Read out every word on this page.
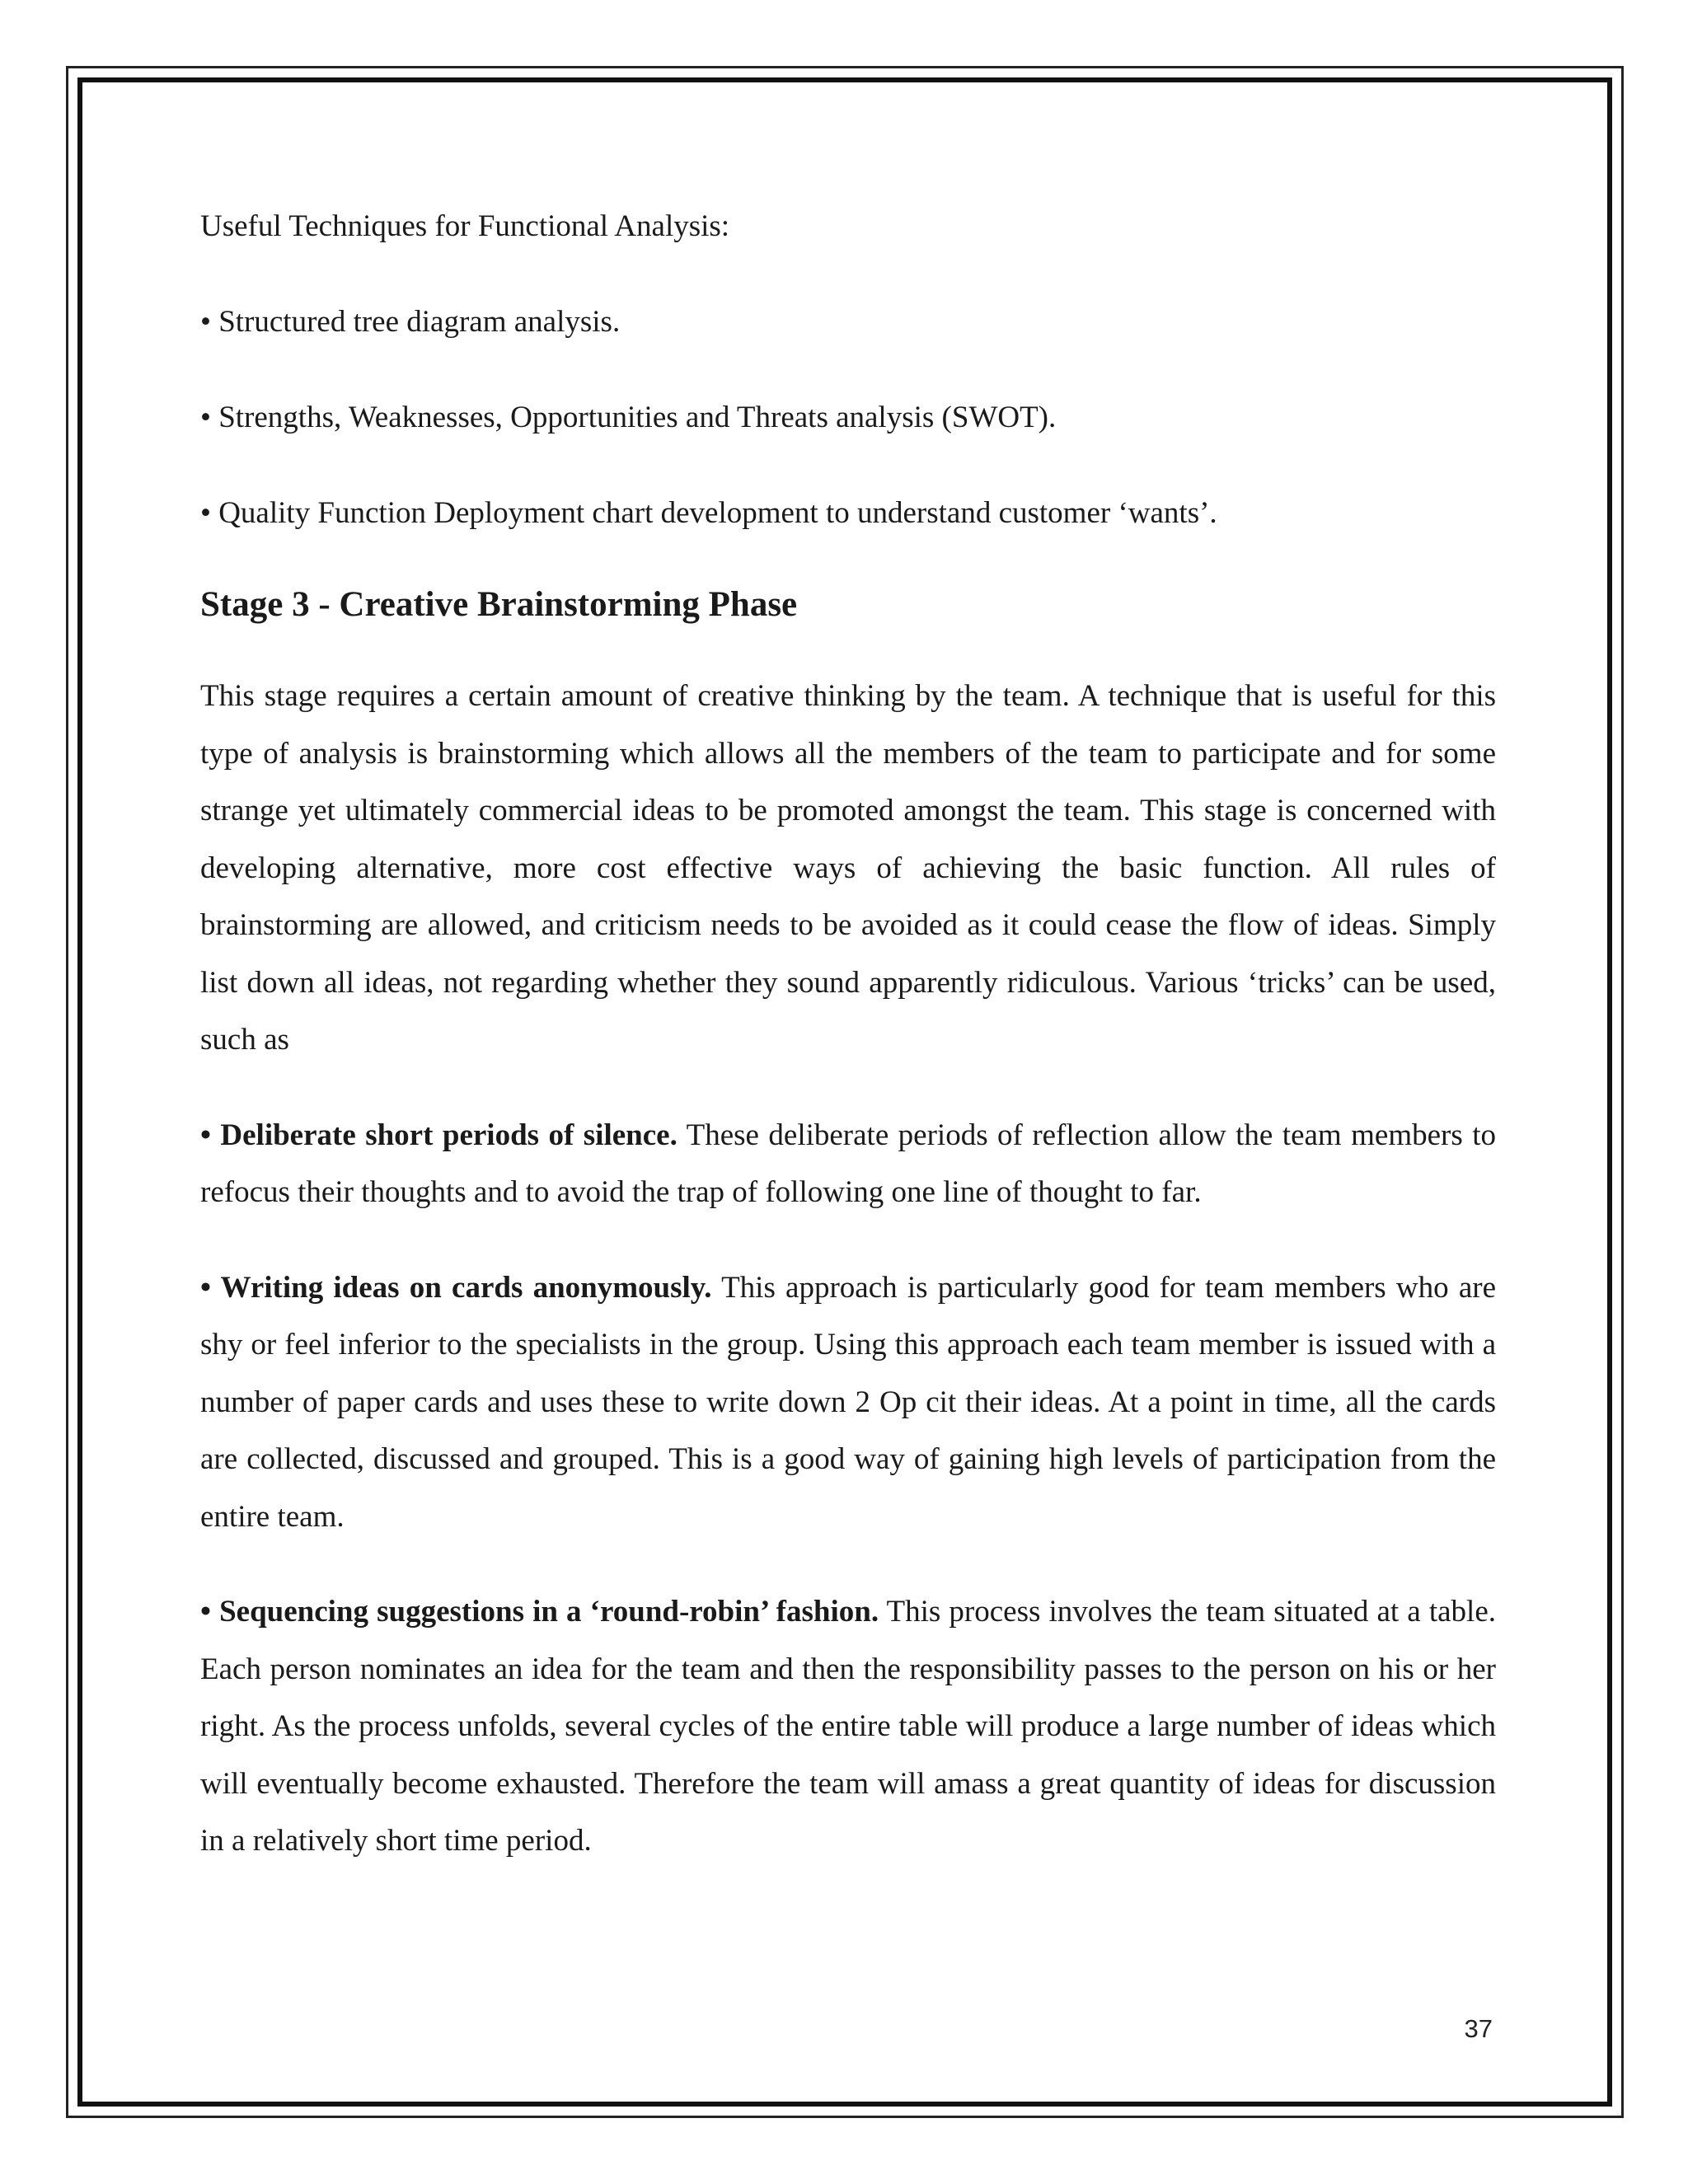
Useful Techniques for Functional Analysis:

• Structured tree diagram analysis.

• Strengths, Weaknesses, Opportunities and Threats analysis (SWOT).

• Quality Function Deployment chart development to understand customer ‘wants’.

Stage 3 - Creative Brainstorming Phase

This stage requires a certain amount of creative thinking by the team. A technique that is useful for this type of analysis is brainstorming which allows all the members of the team to participate and for some strange yet ultimately commercial ideas to be promoted amongst the team. This stage is concerned with developing alternative, more cost effective ways of achieving the basic function. All rules of brainstorming are allowed, and criticism needs to be avoided as it could cease the flow of ideas. Simply list down all ideas, not regarding whether they sound apparently ridiculous. Various ‘tricks’ can be used, such as

• Deliberate short periods of silence. These deliberate periods of reflection allow the team members to refocus their thoughts and to avoid the trap of following one line of thought to far.

• Writing ideas on cards anonymously. This approach is particularly good for team members who are shy or feel inferior to the specialists in the group. Using this approach each team member is issued with a number of paper cards and uses these to write down 2 Op cit their ideas. At a point in time, all the cards are collected, discussed and grouped. This is a good way of gaining high levels of participation from the entire team.

• Sequencing suggestions in a ‘round-robin’ fashion. This process involves the team situated at a table. Each person nominates an idea for the team and then the responsibility passes to the person on his or her right. As the process unfolds, several cycles of the entire table will produce a large number of ideas which will eventually become exhausted. Therefore the team will amass a great quantity of ideas for discussion in a relatively short time period.

37
